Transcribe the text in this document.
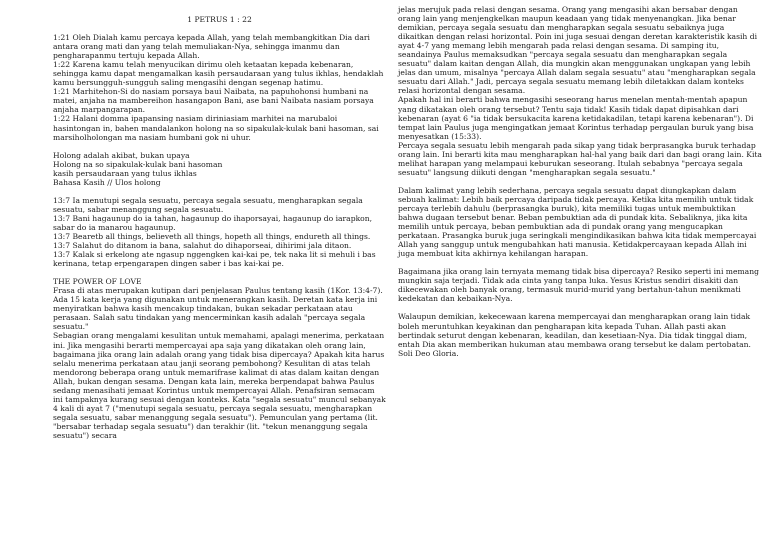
1 PETRUS 1 : 22
1:21 Oleh Dialah kamu percaya kepada Allah, yang telah membangkitkan Dia dari antara orang mati dan yang telah memuliakan-Nya, sehingga imanmu dan pengharapanmu tertuju kepada Allah.
1:22 Karena kamu telah menyucikan dirimu oleh ketaatan kepada kebenaran, sehingga kamu dapat mengamalkan kasih persaudaraan yang tulus ikhlas, hendaklah kamu bersungguh-sungguh saling mengasihi dengan segenap hatimu.
1:21 Marhitehon-Si do nasiam porsaya baui Naibata, na papuhohonsi humbani na matei, anjaha na mambereihon hasangapon Bani, ase bani Naibata nasiam porsaya anjaha marpangarapan.
1:22 Halani domma ipapansing nasiam diriniasiam marhitei na marubaloi hasintongan in, bahen mandalankon holong na so sipakulak-kulak bani hasoman, sai marsiholholongan ma nasiam humbani gok ni uhur.
Holong adalah akibat, bukan upaya
Holong na so sipakulak-kulak bani hasoman
kasih persaudaraan yang tulus ikhlas
Bahasa Kasih // Ulos holong
13:7 Ia menutupi segala sesuatu, percaya segala sesuatu, mengharapkan segala sesuatu, sabar menanggung segala sesuatu.
13:7 Bani hagaunup do ia tahan, hagaunup do ihaporsayai, hagaunup do iarapkon, sabar do ia manarou hagaunup.
13:7 Bearetb all things, believeth all things, hopeth all things, endureth all things.
13:7 Salahut do ditanom ia bana, salahut do dihaporseai, dihirimi jala ditaon.
13:7 Kalak si erkelong ate ngasup nggengken kai-kai pe, tek naka lit si mehuli i bas kerinana, tetap erpengarapen dingen saber i bas kai-kai pe.
THE POWER OF LOVE
Frasa di atas merupakan kutipan dari penjelasan Paulus tentang kasih (1Kor. 13:4-7). Ada 15 kata kerja yang digunakan untuk menerangkan kasih. Deretan kata kerja ini menyiratkan bahwa kasih mencakup tindakan, bukan sekadar perkataan atau perasaan. Salah satu tindakan yang mencerminkan kasih adalah "percaya segala sesuatu."
Sebagian orang mengalami kesulitan untuk memahami, apalagi menerima, perkataan ini. Jika mengasihi berarti mempercayai apa saja yang dikatakan oleh orang lain, bagaimana jika orang lain adalah orang yang tidak bisa dipercaya? Apakah kita harus selalu menerima perkataan atau janji seorang pembohong? Kesulitan di atas telah mendorong beberapa orang untuk memarifrase kalimat di atas dalam kaitan dengan Allah, bukan dengan sesama. Dengan kata lain, mereka berpendapat bahwa Paulus sedang menasihati jemaat Korintus untuk mempercayai Allah. Penafsiran semacam ini tampaknya kurang sesuai dengan konteks. Kata "segala sesuatu" muncul sebanyak 4 kali di ayat 7 ("menutupi segala sesuatu, percaya segala sesuatu, mengharapkan segala sesuatu, sabar menanggung segala sesuatu"). Pemunculan yang pertama (lit. "bersabar terhadap segala sesuatu") dan terakhir (lit. "tekun menanggung segala sesuatu") secara
jelas merujuk pada relasi dengan sesama. Orang yang mengasihi akan bersabar dengan orang lain yang menjengkelkan maupun keadaan yang tidak menyenangkan. Jika benar demikian, percaya segala sesuatu dan mengharapkan segala sesuatu sebaiknya juga dikaitkan dengan relasi horizontal. Poin ini juga sesuai dengan deretan karakteristik kasih di ayat 4-7 yang memang lebih mengarah pada relasi dengan sesama. Di samping itu, seandainya Paulus memaksudkan "percaya segala sesuatu dan mengharapkan segala sesuatu" dalam kaitan dengan Allah, dia mungkin akan menggunakan ungkapan yang lebih jelas dan umum, misalnya "percaya Allah dalam segala sesuatu" atau "mengharapkan segala sesuatu dari Allah." Jadi, percaya segala sesuatu memang lebih diletakkan dalam konteks relasi horizontal dengan sesama.
Apakah hal ini berarti bahwa mengasihi seseorang harus menelan mentah-mentah apapun yang dikatakan oleh orang tersebut? Tentu saja tidak! Kasih tidak dapat dipisahkan dari kebenaran (ayat 6 "ia tidak bersukacita karena ketidakadilan, tetapi karena kebenaran"). Di tempat lain Paulus juga mengingatkan jemaat Korintus terhadap pergaulan buruk yang bisa menyesatkan (15:33).
Percaya segala sesuatu lebih mengarah pada sikap yang tidak berprasangka buruk terhadap orang lain. Ini berarti kita mau mengharapkan hal-hal yang baik dari dan bagi orang lain. Kita melihat harapan yang melampaui keburukan seseorang. Itulah sebabnya "percaya segala sesuatu" langsung diikuti dengan "mengharapkan segala sesuatu."
Dalam kalimat yang lebih sederhana, percaya segala sesuatu dapat diungkapkan dalam sebuah kalimat: Lebih baik percaya daripada tidak percaya. Ketika kita memilih untuk tidak percaya terlebih dahulu (berprasangka buruk), kita memiliki tugas untuk membuktikan bahwa dugaan tersebut benar. Beban pembuktian ada di pundak kita. Sebaliknya, jika kita memilih untuk percaya, beban pembuktian ada di pundak orang yang mengucapkan perkataan. Prasangka buruk juga seringkali mengindikasikan bahwa kita tidak mempercayai Allah yang sanggup untuk mengubahkan hati manusia. Ketidakpercayaan kepada Allah ini juga membuat kita akhirnya kehilangan harapan.
Bagaimana jika orang lain ternyata memang tidak bisa dipercaya? Resiko seperti ini memang mungkin saja terjadi. Tidak ada cinta yang tanpa luka. Yesus Kristus sendiri disakiti dan dikecewakan oleh banyak orang, termasuk murid-murid yang bertahun-tahun menikmati kedekatan dan kebaikan-Nya.
Walaupun demikian, kekecewaan karena mempercayai dan mengharapkan orang lain tidak boleh meruntuhkan keyakinan dan pengharapan kita kepada Tuhan. Allah pasti akan bertindak seturut dengan kebenaran, keadilan, dan kesetiaan-Nya. Dia tidak tinggal diam, entah Dia akan memberikan hukuman atau membawa orang tersebut ke dalam pertobatan. Soli Deo Gloria.
